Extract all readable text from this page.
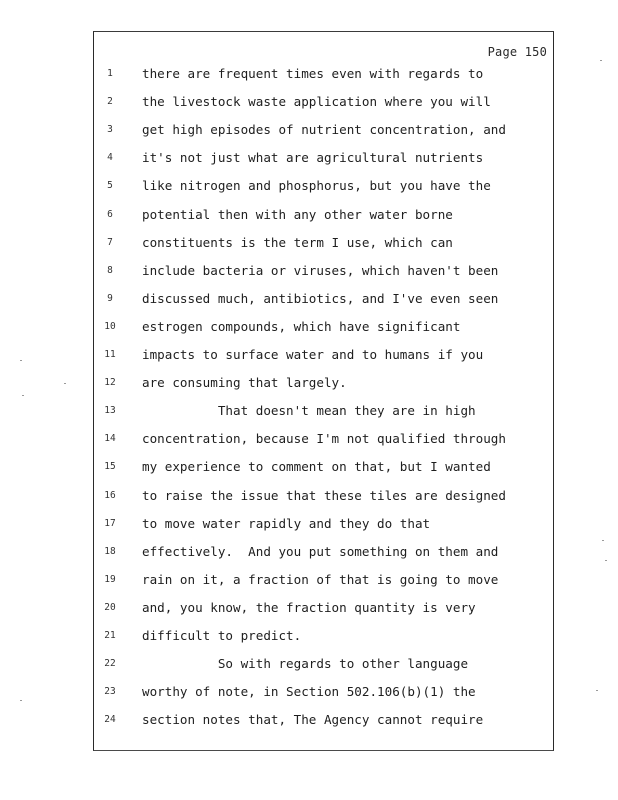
Page 150
1	there are frequent times even with regards to
2	the livestock waste application where you will
3	get high episodes of nutrient concentration, and
4	it's not just what are agricultural nutrients
5	like nitrogen and phosphorus, but you have the
6	potential then with any other water borne
7	constituents is the term I use, which can
8	include bacteria or viruses, which haven't been
9	discussed much, antibiotics, and I've even seen
10	estrogen compounds, which have significant
11	impacts to surface water and to humans if you
12	are consuming that largely.
13	That doesn't mean they are in high
14	concentration, because I'm not qualified through
15	my experience to comment on that, but I wanted
16	to raise the issue that these tiles are designed
17	to move water rapidly and they do that
18	effectively.  And you put something on them and
19	rain on it, a fraction of that is going to move
20	and, you know, the fraction quantity is very
21	difficult to predict.
22	So with regards to other language
23	worthy of note, in Section 502.106(b)(1) the
24	section notes that, The Agency cannot require
